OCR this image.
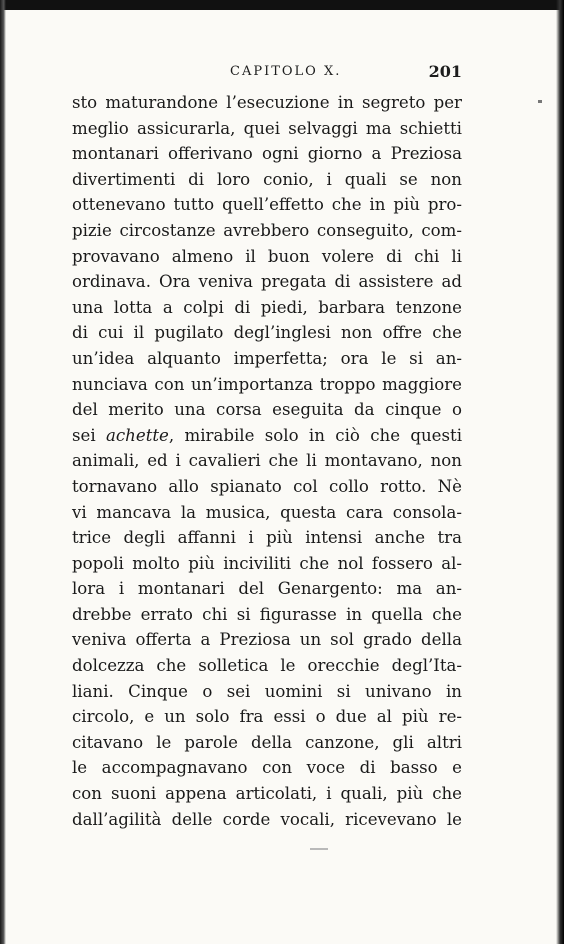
CAPITOLO X.	201
sto maturandone l’esecuzione in segreto per
meglio assicurarla, quei selvaggi ma schietti
montanari offerivano ogni giorno a Preziosa
divertimenti di loro conio, i quali se non
ottenevano tutto quell’effetto che in più pro-
pizie circostanze avrebbero conseguito, com-
provavano almeno il buon volere di chi li
ordinava. Ora veniva pregata di assistere ad
una lotta a colpi di piedi, barbara tenzone
di cui il pugilato degl’inglesi non offre che
un’idea alquanto imperfetta; ora le si an-
nunciava con un’importanza troppo maggiore
del merito una corsa eseguita da cinque o
sei achette, mirabile solo in ciò che questi
animali, ed i cavalieri che li montavano, non
tornavano allo spianato col collo rotto. Nè
vi mancava la musica, questa cara consola-
trice degli affanni i più intensi anche tra
popoli molto più inciviliti che nol fossero al-
lora i montanari del Genargento: ma an-
drebbe errato chi si figurasse in quella che
veniva offerta a Preziosa un sol grado della
dolcezza che solletica le orecchie degl’Ita-
liani. Cinque o sei uomini si univano in
circolo, e un solo fra essi o due al più re-
citavano le parole della canzone, gli altri
le accompagnavano con voce di basso e
con suoni appena articolati, i quali, più che
dall’agilità delle corde vocali, ricevevano le
